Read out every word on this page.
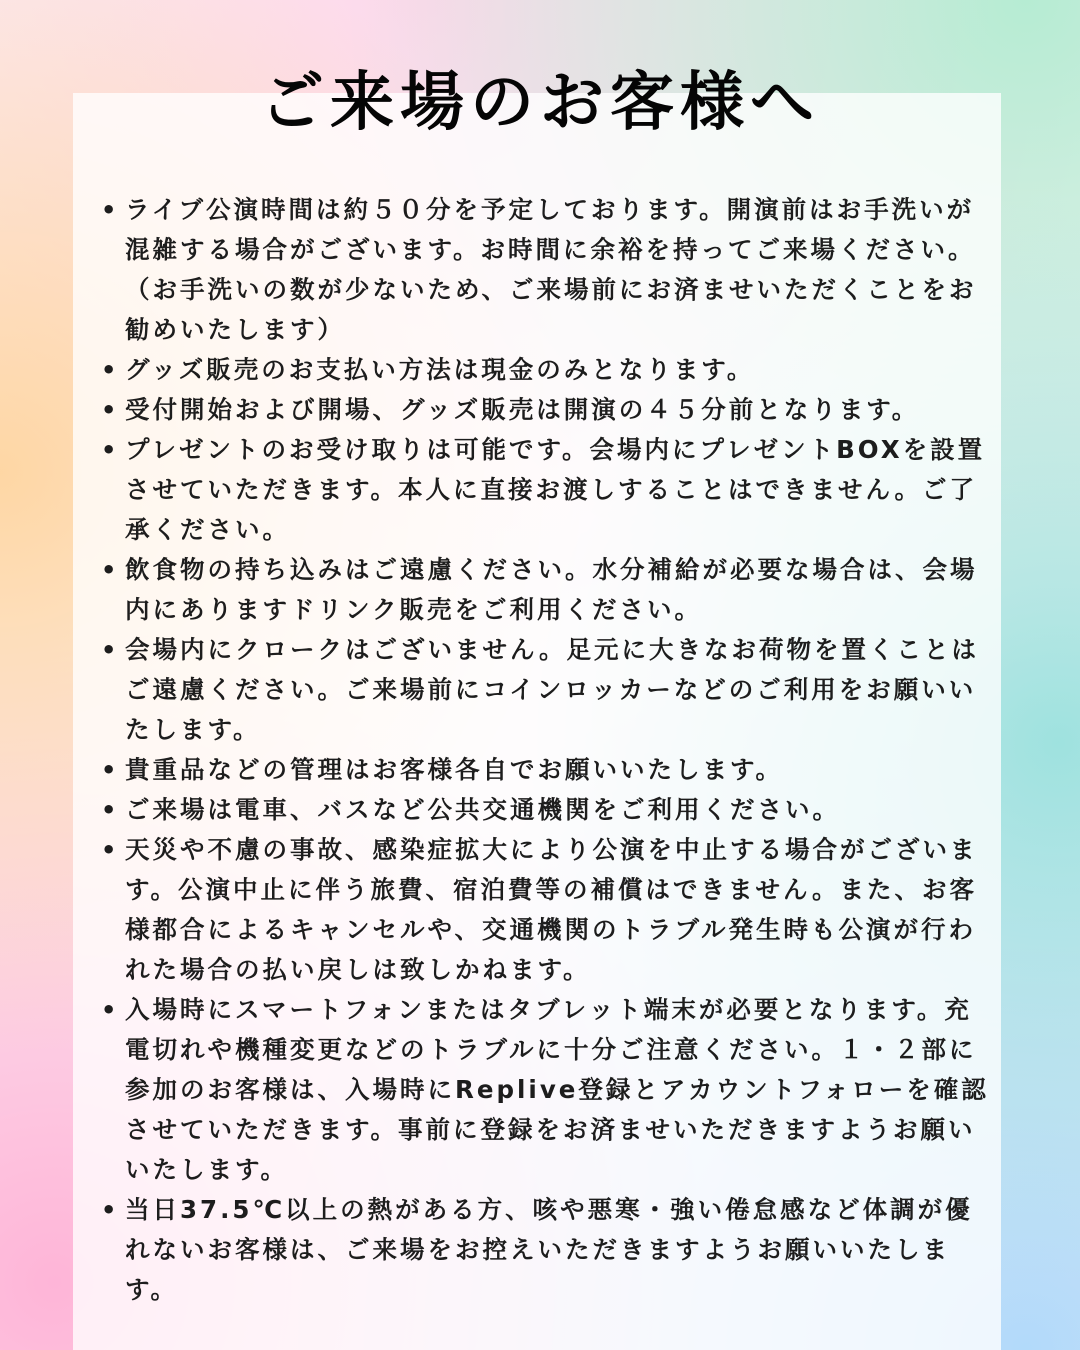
ご来場のお客様へ
• ライブ公演時間は約５０分を予定しております。開演前はお手洗いが混雑する場合がございます。お時間に余裕を持ってご来場ください。（お手洗いの数が少ないため、ご来場前にお済ませいただくことをお勧めいたします）
• グッズ販売のお支払い方法は現金のみとなります。
• 受付開始および開場、グッズ販売は開演の４５分前となります。
• プレゼントのお受け取りは可能です。会場内にプレゼントBOXを設置させていただきます。本人に直接お渡しすることはできません。ご了承ください。
• 飲食物の持ち込みはご遠慮ください。水分補給が必要な場合は、会場内にありますドリンク販売をご利用ください。
• 会場内にクロークはございません。足元に大きなお荷物を置くことはご遠慮ください。ご来場前にコインロッカーなどのご利用をお願いいたします。
• 貴重品などの管理はお客様各自でお願いいたします。
• ご来場は電車、バスなど公共交通機関をご利用ください。
• 天災や不慮の事故、感染症拡大により公演を中止する場合がございます。公演中止に伴う旅費、宿泊費等の補償はできません。また、お客様都合によるキャンセルや、交通機関のトラブル発生時も公演が行われた場合の払い戻しは致しかねます。
• 入場時にスマートフォンまたはタブレット端末が必要となります。充電切れや機種変更などのトラブルに十分ご注意ください。１・２部に参加のお客様は、入場時にReplive登録とアカウントフォローを確認させていただきます。事前に登録をお済ませいただきますようお願いいたします。
• 当日37.5℃以上の熱がある方、咳や悪寒・強い倦怠感など体調が優れないお客様は、ご来場をお控えいただきますようお願いいたします。
